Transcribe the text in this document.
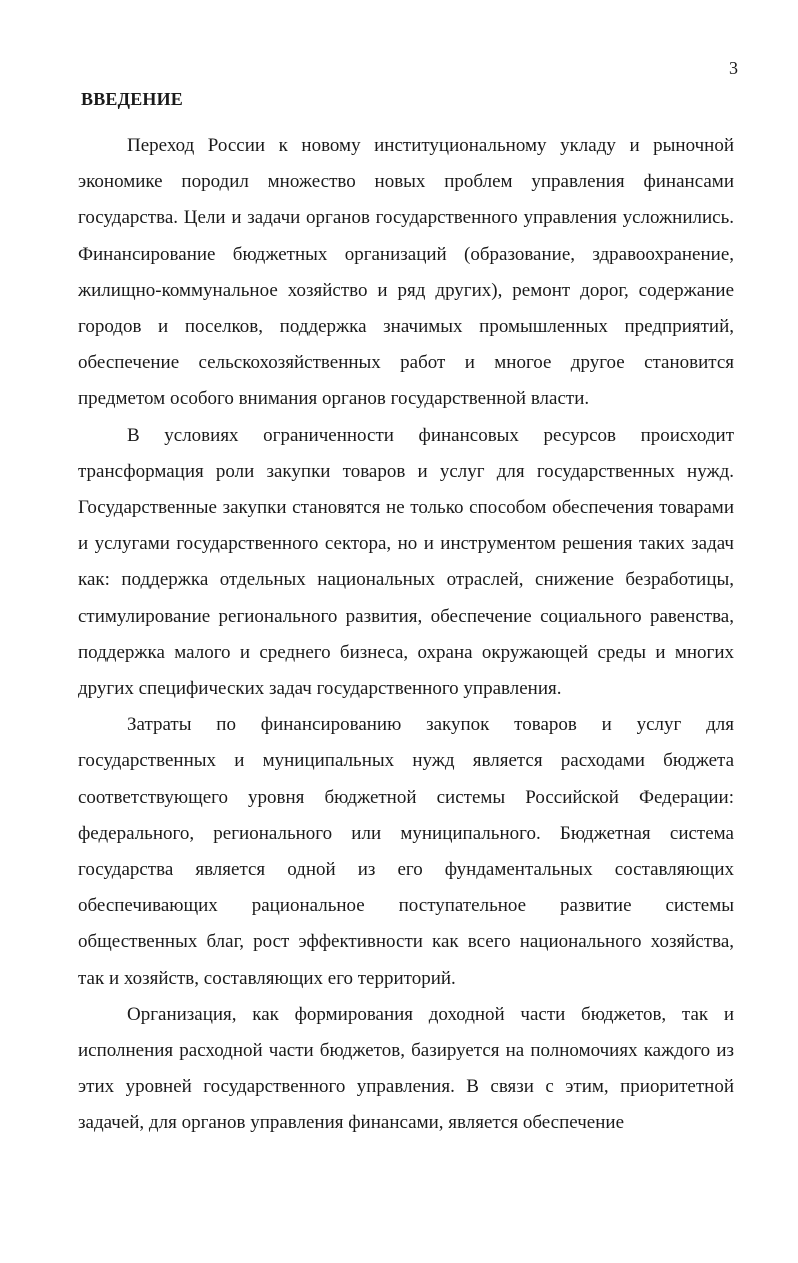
3
ВВЕДЕНИЕ

Переход России к новому институциональному укладу и рыночной экономике породил множество новых проблем управления финансами государства. Цели и задачи органов государственного управления усложнились. Финансирование бюджетных организаций (образование, здравоохранение, жилищно-коммунальное хозяйство и ряд других), ремонт дорог, содержание городов и поселков, поддержка значимых промышленных предприятий, обеспечение сельскохозяйственных работ и многое другое становится предметом особого внимания органов государственной власти.

В условиях ограниченности финансовых ресурсов происходит трансформация роли закупки товаров и услуг для государственных нужд. Государственные закупки становятся не только способом обеспечения товарами и услугами государственного сектора, но и инструментом решения таких задач как: поддержка отдельных национальных отраслей, снижение безработицы, стимулирование регионального развития, обеспечение социального равенства, поддержка малого и среднего бизнеса, охрана окружающей среды и многих других специфических задач государственного управления.

Затраты по финансированию закупок товаров и услуг для государственных и муниципальных нужд является расходами бюджета соответствующего уровня бюджетной системы Российской Федерации: федерального, регионального или муниципального. Бюджетная система государства является одной из его фундаментальных составляющих обеспечивающих рациональное поступательное развитие системы общественных благ, рост эффективности как всего национального хозяйства, так и хозяйств, составляющих его территорий.

Организация, как формирования доходной части бюджетов, так и исполнения расходной части бюджетов, базируется на полномочиях каждого из этих уровней государственного управления. В связи с этим, приоритетной задачей, для органов управления финансами, является обеспечение
